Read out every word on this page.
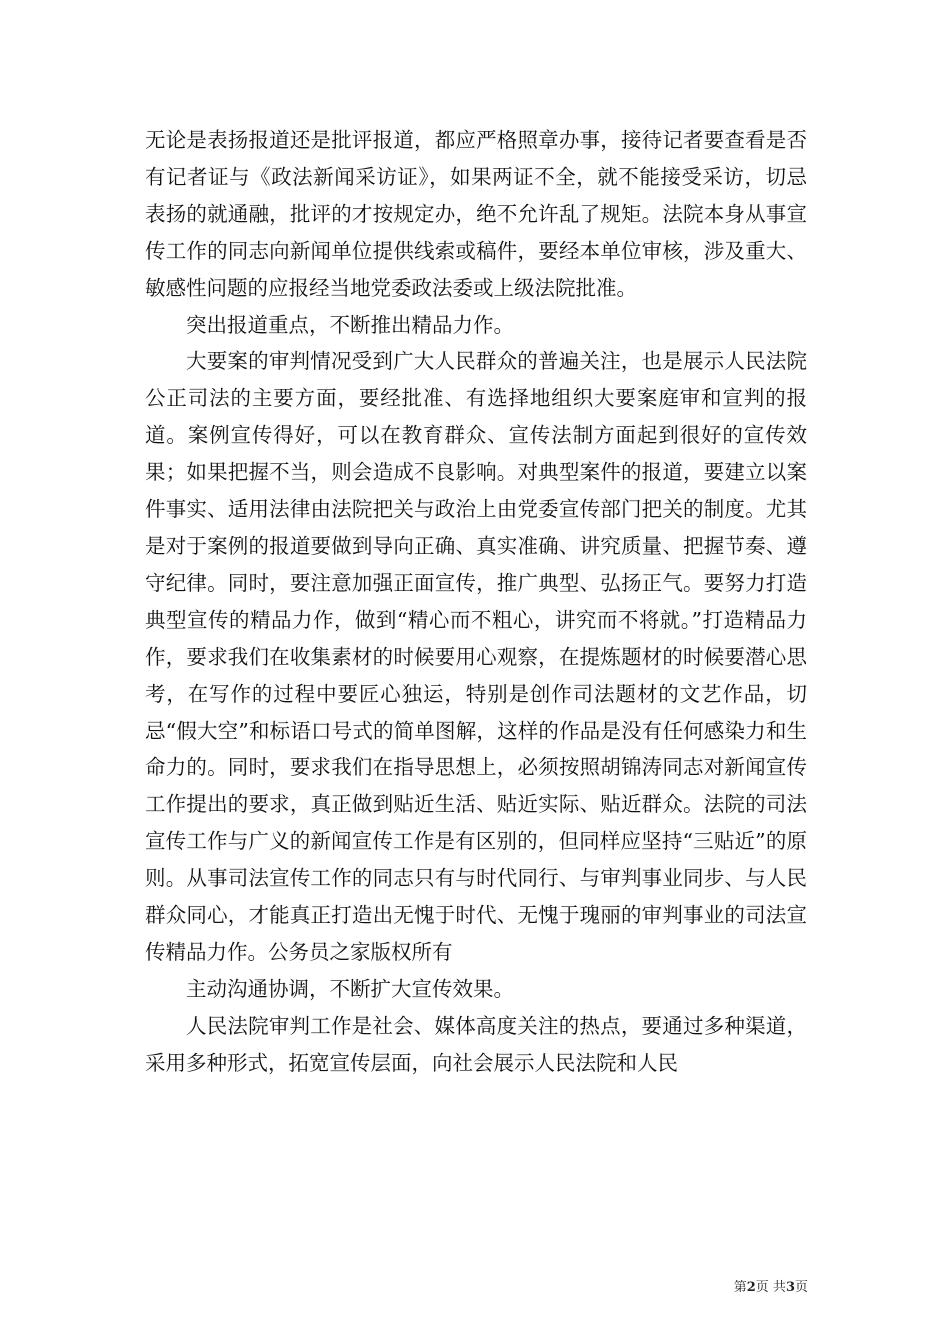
无论是表扬报道还是批评报道，都应严格照章办事，接待记者要查看是否有记者证与《政法新闻采访证》，如果两证不全，就不能接受采访，切忌表扬的就通融，批评的才按规定办，绝不允许乱了规矩。法院本身从事宣传工作的同志向新闻单位提供线索或稿件，要经本单位审核，涉及重大、敏感性问题的应报经当地党委政法委或上级法院批准。

突出报道重点，不断推出精品力作。

大要案的审判情况受到广大人民群众的普遍关注，也是展示人民法院公正司法的主要方面，要经批准、有选择地组织大要案庭审和宣判的报道。案例宣传得好，可以在教育群众、宣传法制方面起到很好的宣传效果；如果把握不当，则会造成不良影响。对典型案件的报道，要建立以案件事实、适用法律由法院把关与政治上由党委宣传部门把关的制度。尤其是对于案例的报道要做到导向正确、真实准确、讲究质量、把握节奏、遵守纪律。同时，要注意加强正面宣传，推广典型、弘扬正气。要努力打造典型宣传的精品力作，做到“精心而不粗心，讲究而不将就。”打造精品力作，要求我们在收集素材的时候要用心观察，在提炼题材的时候要潜心思考，在写作的过程中要匠心独运，特别是创作司法题材的文艺作品，切忌“假大空”和标语口号式的简单图解，这样的作品是没有任何感染力和生命力的。同时，要求我们在指导思想上，必须按照胡锦涛同志对新闻宣传工作提出的要求，真正做到贴近生活、贴近实际、贴近群众。法院的司法宣传工作与广义的新闻宣传工作是有区别的，但同样应坚持“三贴近”的原则。从事司法宣传工作的同志只有与时代同行、与审判事业同步、与人民群众同心，才能真正打造出无愧于时代、无愧于瑰丽的审判事业的司法宣传精品力作。公务员之家版权所有

主动沟通协调，不断扩大宣传效果。

人民法院审判工作是社会、媒体高度关注的热点，要通过多种渠道，采用多种形式，拓宽宣传层面，向社会展示人民法院和人民

第2页 共3页
